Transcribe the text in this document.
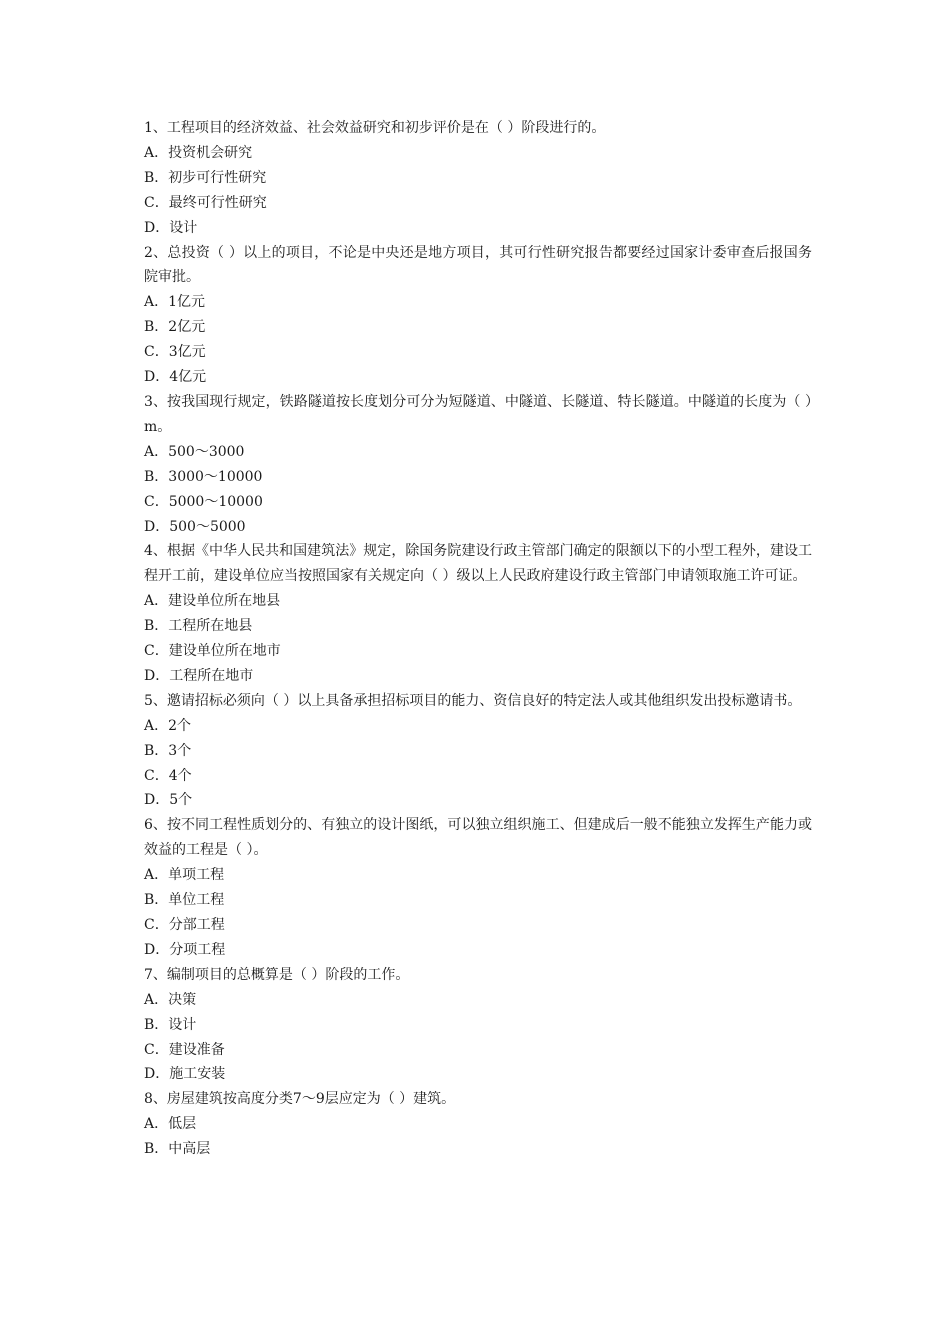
1、工程项目的经济效益、社会效益研究和初步评价是在（ ）阶段进行的。

A．投资机会研究

B．初步可行性研究

C．最终可行性研究

D．设计

2、总投资（ ）以上的项目，不论是中央还是地方项目，其可行性研究报告都要经过国家计委审查后报国务院审批。

A．1亿元

B．2亿元

C．3亿元

D．4亿元

3、按我国现行规定，铁路隧道按长度划分可分为短隧道、中隧道、长隧道、特长隧道。中隧道的长度为（ ）m。

A．500～3000

B．3000～10000

C．5000～10000

D．500～5000

4、根据《中华人民共和国建筑法》规定，除国务院建设行政主管部门确定的限额以下的小型工程外，建设工程开工前，建设单位应当按照国家有关规定向（ ）级以上人民政府建设行政主管部门申请领取施工许可证。

A．建设单位所在地县

B．工程所在地县

C．建设单位所在地市

D．工程所在地市

5、邀请招标必须向（ ）以上具备承担招标项目的能力、资信良好的特定法人或其他组织发出投标邀请书。

A．2个

B．3个

C．4个

D．5个

6、按不同工程性质划分的、有独立的设计图纸，可以独立组织施工、但建成后一般不能独立发挥生产能力或效益的工程是（ ）。

A．单项工程

B．单位工程

C．分部工程

D．分项工程

7、编制项目的总概算是（ ）阶段的工作。

A．决策

B．设计

C．建设准备

D．施工安装

8、房屋建筑按高度分类7～9层应定为（ ）建筑。

A．低层

B．中高层
